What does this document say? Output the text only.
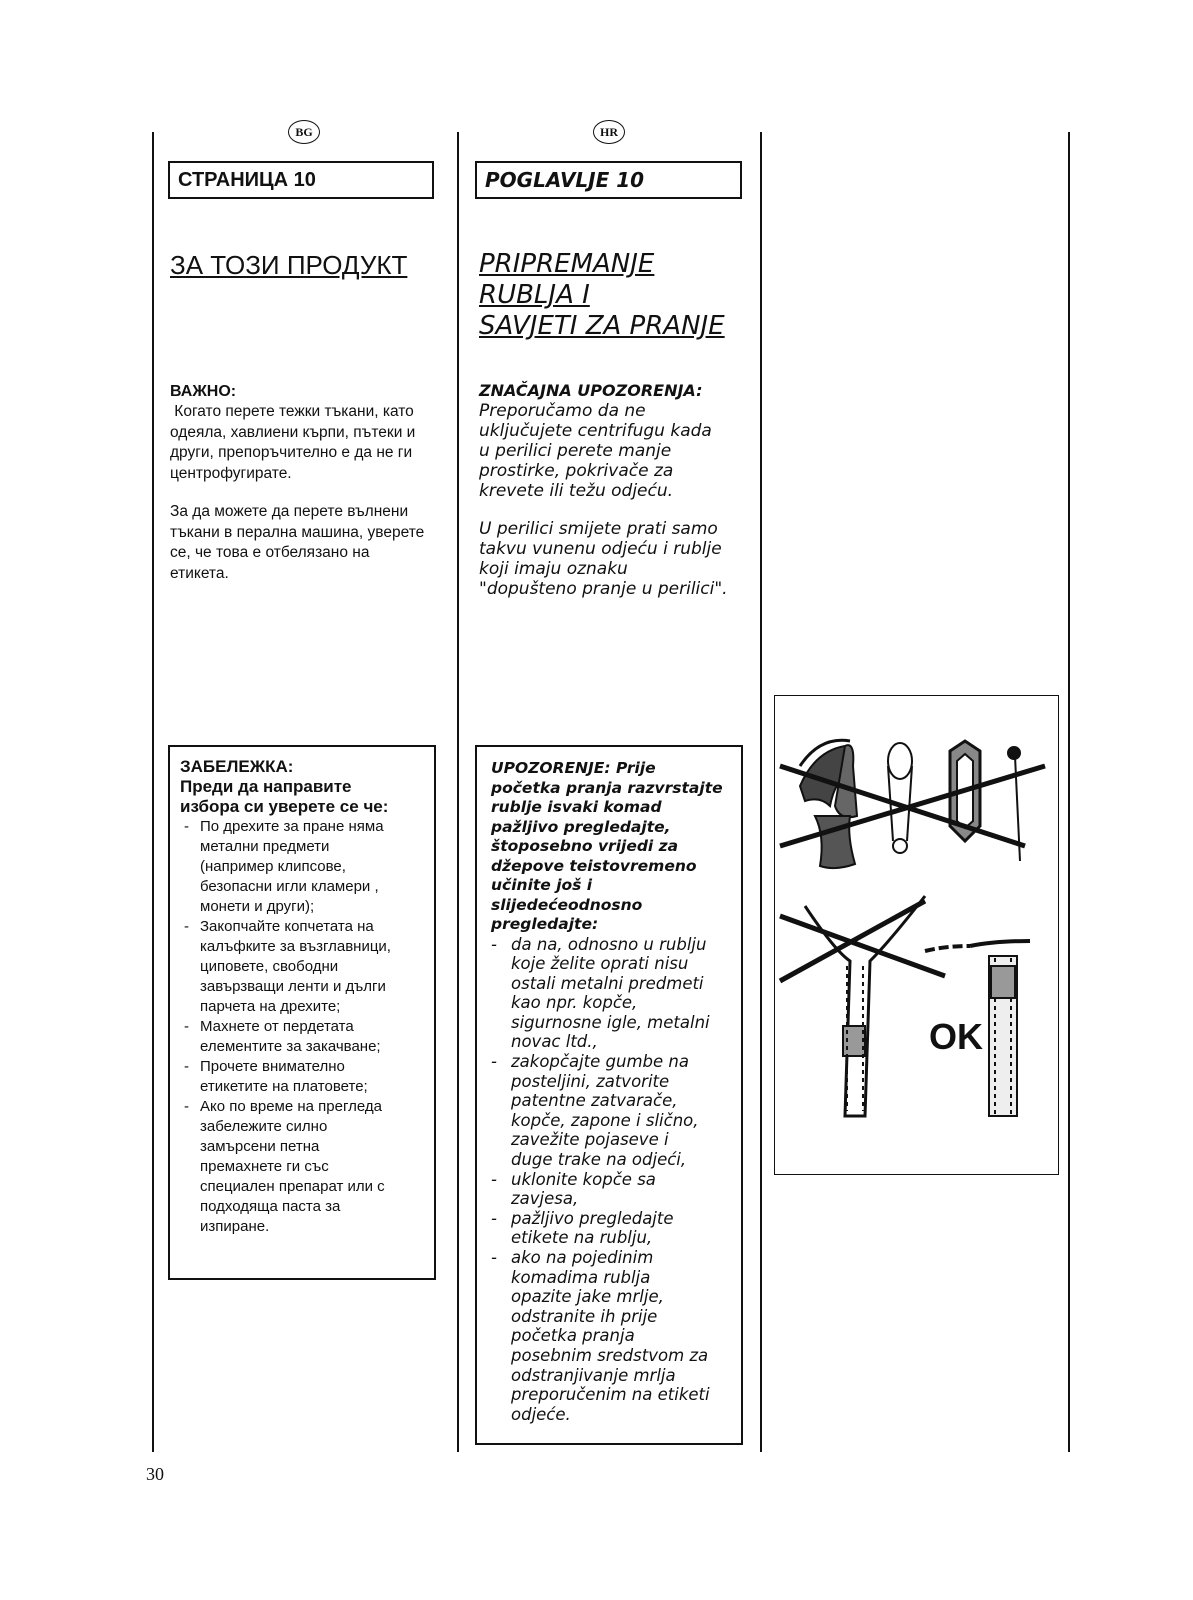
BG
СТРАНИЦА 10
ЗА ТОЗИ ПРОДУКТ
ВАЖНО:
Когато перете тежки тъкани, като
одеяла, хавлиени кърпи, пътеки и
други, препоръчително е да не ги
центрофугирате.
За да можете да перете вълнени
тъкани в перална машина, уверете
се, че това е отбелязано на
етикета.
ЗАБЕЛЕЖКА:
Преди да направите
избора си уверете се че:
- По дрехите за пране няма
метални предмети
(например клипсове,
безопасни игли кламери ,
монети и други);
- Закопчайте копчетата на
калъфките за възглавници,
циповете, свободни
завързващи ленти и дълги
парчета на дрехите;
- Махнете от пердетата
елементите за закачване;
- Прочете внимателно
етикетите на платовете;
- Ако по време на прегледа
забележите силно
замърсени петна
премахнете ги със
специален препарат или с
подходяща паста за
изпиране.
HR
POGLAVLJE 10
PRIPREMANJE
RUBLJA I
SAVJETI ZA PRANJE
ZNAČAJNA UPOZORENJA:
Preporučamo da ne
uključujete centrifugu kada
u perilici perete manje
prostirke, pokrivače za
krevete ili težu odjeću.
U perilici smijete prati samo
takvu vunenu odjeću i rublje
koji imaju oznaku
"dopušteno pranje u perilici".
UPOZORENJE: Prije
početka pranja razvrstajte
rublje isvaki komad
pažljivo pregledajte,
štoposebno vrijedi za
džepove teistovremeno
učinite još i
slijedećeodnosno
pregledajte:
- da na, odnosno u rublju
koje želite oprati nisu
ostali metalni predmeti
kao npr. kopče,
sigurnosne igle, metalni
novac ltd.,
- zakopčajte gumbe na
posteljini, zatvorite
patentne zatvarače,
kopče, zapone i slično,
zavežite pojaseve i
duge trake na odjeći,
- uklonite kopče sa
zavjesa,
- pažljivo pregledajte
etikete na rublju,
- ako na pojedinim
komadima rublja
opazite jake mrlje,
odstranite ih prije
početka pranja
posebnim sredstvom za
odstranjivanje mrlja
preporučenim na etiketi
odjeće.
OK
30
